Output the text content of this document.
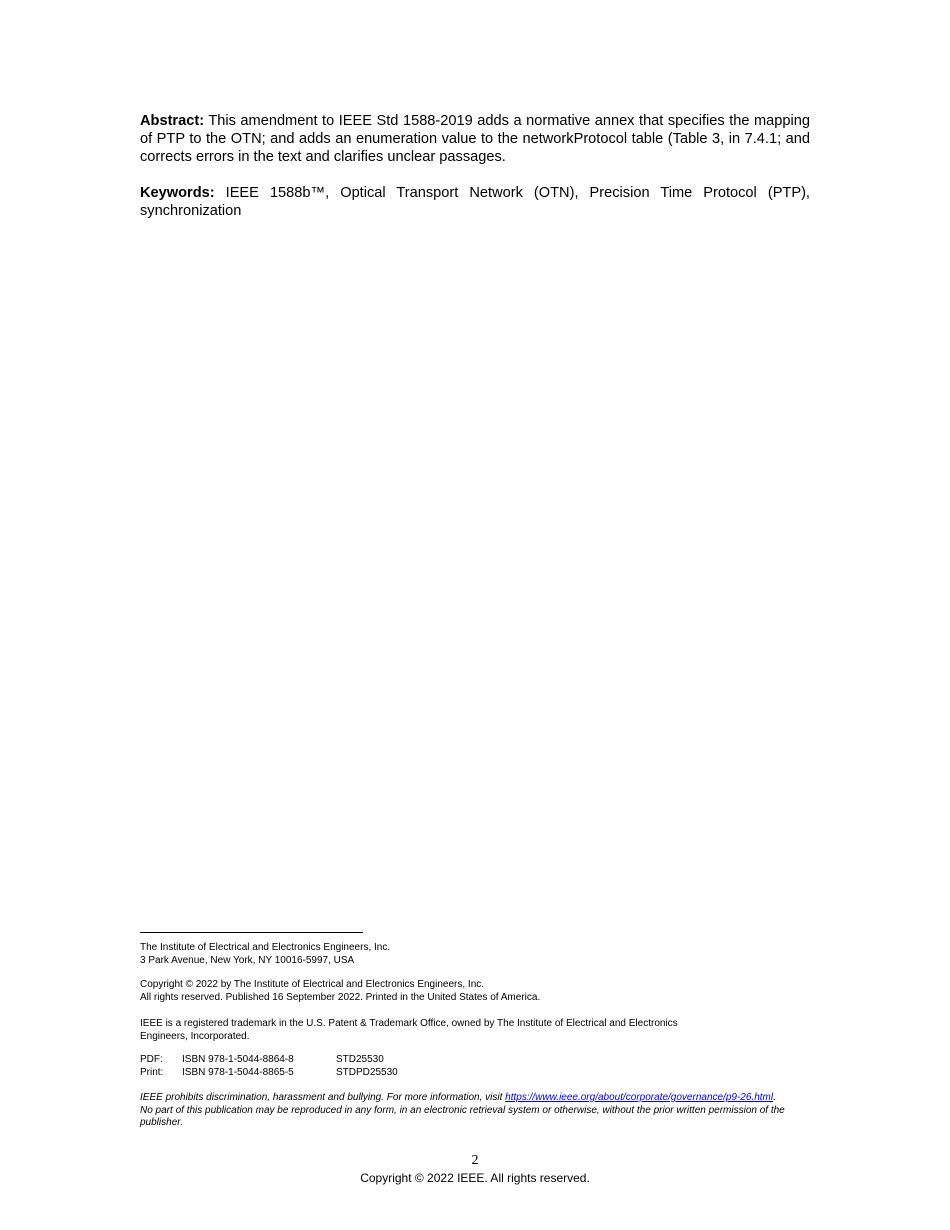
Abstract: This amendment to IEEE Std 1588-2019 adds a normative annex that specifies the mapping of PTP to the OTN; and adds an enumeration value to the networkProtocol table (Table 3, in 7.4.1; and corrects errors in the text and clarifies unclear passages.

Keywords: IEEE 1588b™, Optical Transport Network (OTN), Precision Time Protocol (PTP), synchronization

The Institute of Electrical and Electronics Engineers, Inc.
3 Park Avenue, New York, NY 10016-5997, USA
Copyright © 2022 by The Institute of Electrical and Electronics Engineers, Inc.
All rights reserved. Published 16 September 2022. Printed in the United States of America.
IEEE is a registered trademark in the U.S. Patent & Trademark Office, owned by The Institute of Electrical and Electronics
Engineers, Incorporated.
PDF:	ISBN 978-1-5044-8864-8	STD25530
Print:	ISBN 978-1-5044-8865-5	STDPD25530
IEEE prohibits discrimination, harassment and bullying. For more information, visit https://www.ieee.org/about/corporate/governance/p9-26.html.
No part of this publication may be reproduced in any form, in an electronic retrieval system or otherwise, without the prior written permission of the publisher.
2
Copyright © 2022 IEEE. All rights reserved.
